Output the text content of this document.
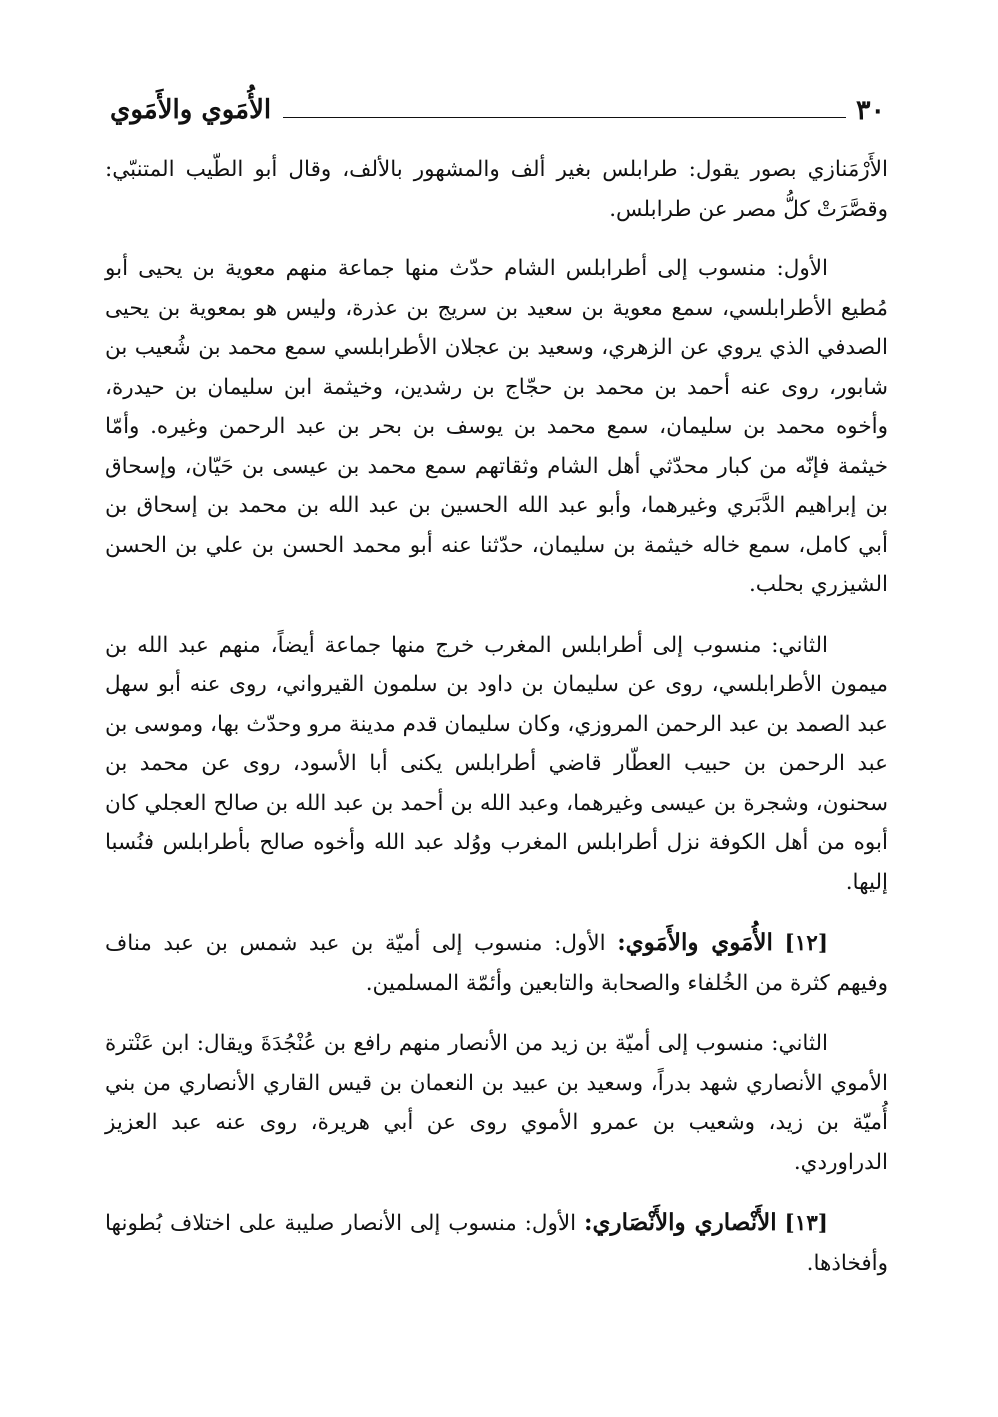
٣٠
الأُمَوي والأَمَوي

الأَرْمَنازي بصور يقول: طرابلس بغير ألف والمشهور بالألف، وقال أبو الطّيب المتنبّي: وقصَّرَتْ كلُّ مصر عن طرابلس.

الأول: منسوب إلى أطرابلس الشام حدّث منها جماعة منهم معوية بن يحيى أبو مُطيع الأطرابلسي، سمع معوية بن سعيد بن سريج بن عذرة، وليس هو بمعوية بن يحيى الصدفي الذي يروي عن الزهري، وسعيد بن عجلان الأطرابلسي سمع محمد بن شُعيب بن شابور، روى عنه أحمد بن محمد بن حجّاج بن رشدين، وخيثمة ابن سليمان بن حيدرة، وأخوه محمد بن سليمان، سمع محمد بن يوسف بن بحر بن عبد الرحمن وغيره. وأمّا خيثمة فإنّه من كبار محدّثي أهل الشام وثقاتهم سمع محمد بن عيسى بن حَيّان، وإسحاق بن إبراهيم الدَّبَري وغيرهما، وأبو عبد الله الحسين بن عبد الله بن محمد بن إسحاق بن أبي كامل، سمع خاله خيثمة بن سليمان، حدّثنا عنه أبو محمد الحسن بن علي بن الحسن الشيزري بحلب.

الثاني: منسوب إلى أطرابلس المغرب خرج منها جماعة أيضاً، منهم عبد الله بن ميمون الأطرابلسي، روى عن سليمان بن داود بن سلمون القيرواني، روى عنه أبو سهل عبد الصمد بن عبد الرحمن المروزي، وكان سليمان قدم مدينة مرو وحدّث بها، وموسى بن عبد الرحمن بن حبيب العطّار قاضي أطرابلس يكنى أبا الأسود، روى عن محمد بن سحنون، وشجرة بن عيسى وغيرهما، وعبد الله بن أحمد بن عبد الله بن صالح العجلي كان أبوه من أهل الكوفة نزل أطرابلس المغرب ووُلد عبد الله وأخوه صالح بأطرابلس فنُسبا إليها.

[١٢] الأُمَوي والأَمَوي: الأول: منسوب إلى أميّة بن عبد شمس بن عبد مناف وفيهم كثرة من الخُلفاء والصحابة والتابعين وأئمّة المسلمين.

الثاني: منسوب إلى أميّة بن زيد من الأنصار منهم رافع بن عُنْجُدَةَ ويقال: ابن عَنْترة الأموي الأنصاري شهد بدراً، وسعيد بن عبيد بن النعمان بن قيس القاري الأنصاري من بني أُميّة بن زيد، وشعيب بن عمرو الأموي روى عن أبي هريرة، روى عنه عبد العزيز الدراوردي.

[١٣] الأَنْصاري والأَنْصَاري: الأول: منسوب إلى الأنصار صليبة على اختلاف بُطونها وأفخاذها.
